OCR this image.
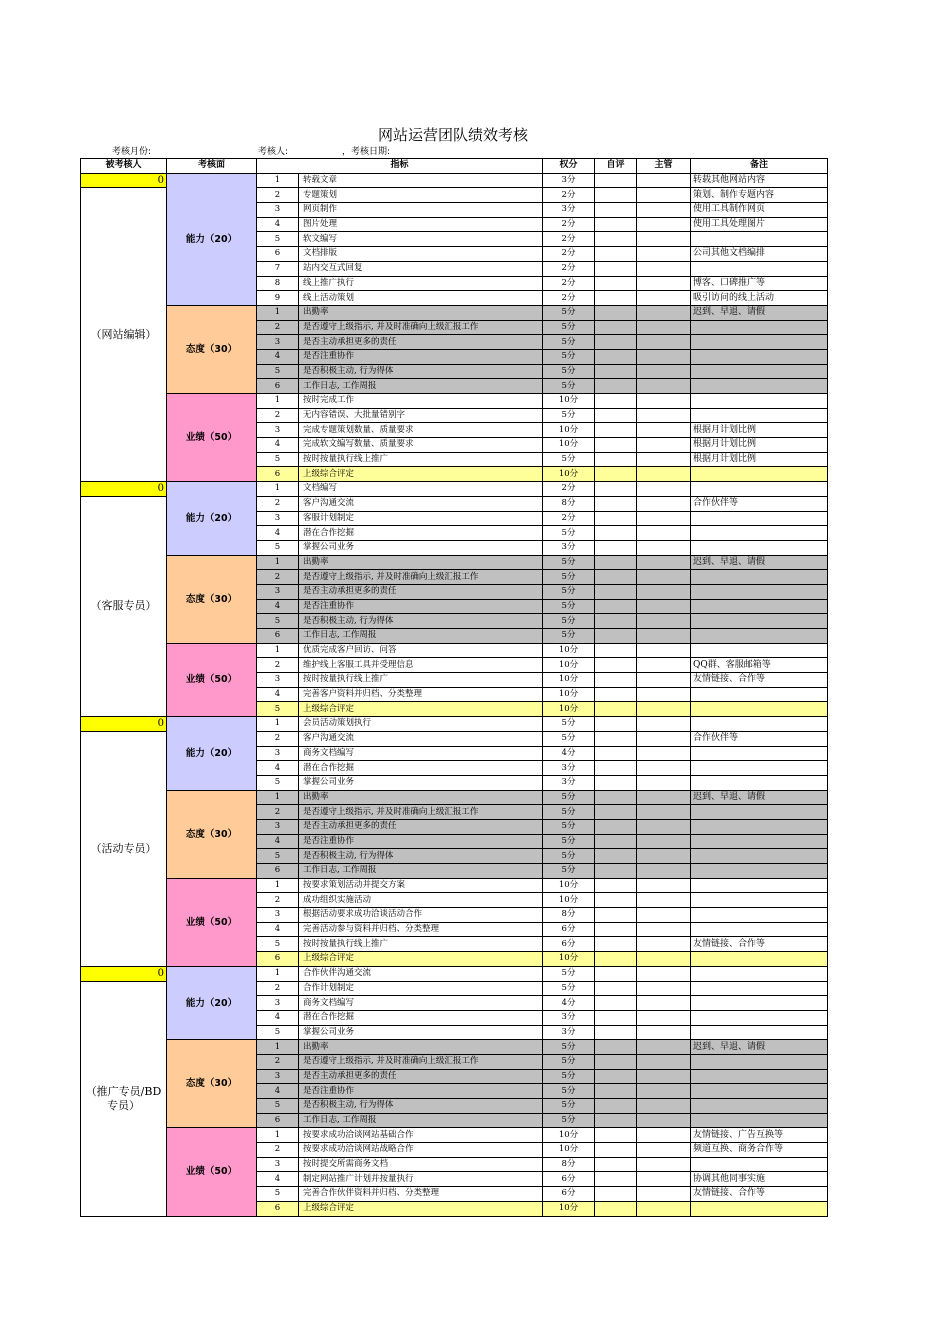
网站运营团队绩效考核
考核月份:	考核人:	，考核日期:
被考核人	考核面	指标		权分	自评	主管	备注
0	能力（20）	1	转载文章	3分			转载其他网站内容
（网站编辑）		2	专题策划	2分			策划、制作专题内容
		3	网页制作	3分			使用工具制作网页
		4	图片处理	2分			使用工具处理图片
		5	软文编写	2分			
		6	文档排版	2分			公司其他文档编排
		7	站内交互式回复	2分			
		8	线上推广执行	2分			博客、口碑推广等
		9	线上活动策划	2分			吸引访问的线上活动
	态度（30）	1	出勤率	5分			迟到、早退、请假
		2	是否遵守上级指示, 并及时准确向上级汇报工作	5分			
		3	是否主动承担更多的责任	5分			
		4	是否注重协作	5分			
		5	是否积极主动, 行为得体	5分			
		6	工作日志, 工作周报	5分			
	业绩（50）	1	按时完成工作	10分			
		2	无内容错误、大批量错别字	5分			
		3	完成专题策划数量、质量要求	10分			根据月计划比例
		4	完成软文编写数量、质量要求	10分			根据月计划比例
		5	按时按量执行线上推广	5分			根据月计划比例
		6	上级综合评定	10分			
0	能力（20）	1	文档编写	2分			
（客服专员）		2	客户沟通交流	8分			合作伙伴等
		3	客服计划制定	2分			
		4	潜在合作挖掘	5分			
		5	掌握公司业务	3分			
	态度（30）	1	出勤率	5分			迟到、早退、请假
		2	是否遵守上级指示, 并及时准确向上级汇报工作	5分			
		3	是否主动承担更多的责任	5分			
		4	是否注重协作	5分			
		5	是否积极主动, 行为得体	5分			
		6	工作日志, 工作周报	5分			
	业绩（50）	1	优质完成客户回访、问答	10分			
		2	维护线上客服工具并受理信息	10分			QQ群、客服邮箱等
		3	按时按量执行线上推广	10分			友情链接、合作等
		4	完善客户资料并归档、分类整理	10分			
		5	上级综合评定	10分			
0	能力（20）	1	会员活动策划执行	5分			
（活动专员）		2	客户沟通交流	5分			合作伙伴等
		3	商务文档编写	4分			
		4	潜在合作挖掘	3分			
		5	掌握公司业务	3分			
	态度（30）	1	出勤率	5分			迟到、早退、请假
		2	是否遵守上级指示, 并及时准确向上级汇报工作	5分			
		3	是否主动承担更多的责任	5分			
		4	是否注重协作	5分			
		5	是否积极主动, 行为得体	5分			
		6	工作日志, 工作周报	5分			
	业绩（50）	1	按要求策划活动并提交方案	10分			
		2	成功组织实施活动	10分			
		3	根据活动要求成功洽谈活动合作	8分			
		4	完善活动参与资料并归档、分类整理	6分			
		5	按时按量执行线上推广	6分			友情链接、合作等
		6	上级综合评定	10分			
0	能力（20）	1	合作伙伴沟通交流	5分			
（推广专员/BD专员）		2	合作计划制定	5分			
		3	商务文档编写	4分			
		4	潜在合作挖掘	3分			
		5	掌握公司业务	3分			
	态度（30）	1	出勤率	5分			迟到、早退、请假
		2	是否遵守上级指示, 并及时准确向上级汇报工作	5分			
		3	是否主动承担更多的责任	5分			
		4	是否注重协作	5分			
		5	是否积极主动, 行为得体	5分			
		6	工作日志, 工作周报	5分			
	业绩（50）	1	按要求成功洽谈网站基础合作	10分			友情链接、广告互换等
		2	按要求成功洽谈网站战略合作	10分			频道互换、商务合作等
		3	按时提交所需商务文档	8分			
		4	制定网站推广计划并按量执行	6分			协调其他同事实施
		5	完善合作伙伴资料并归档、分类整理	6分			友情链接、合作等
		6	上级综合评定	10分			
